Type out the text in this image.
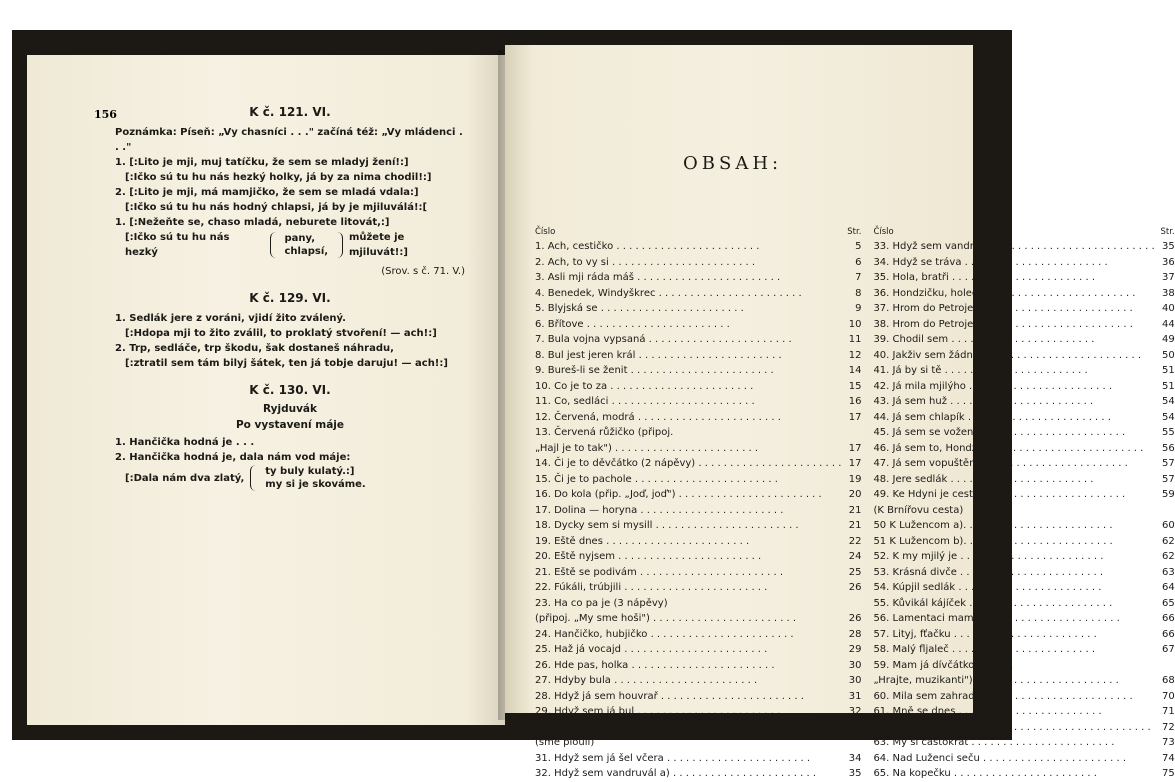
K č. 121. VI.

Poznámka: Píseň: „Vy chasníci . . ." začíná též: „Vy mládenci . . ."

1. [:Lito je mji, muj tatíčku, že sem se mladyj žení!:]

[:Ičko sú tu hu nás hezký holky, já by za nima chodil!:]

2. [:Lito je mji, má mamjičko, že sem se mladá vdala:]

[:Ičko sú tu hu nás hodný chlapsi, já by je mjiluválá!:[

1. [:Nežeňte se, chaso mladá, neburete litovát,:]

[:Ičko sú tu hu nás hezký
pany,
chlapsí,
můžete je mjiluvát!:]

(Srov. s č. 71. V.)

K č. 129. VI.

1. Sedlák jere z voráni, vjidí žito zválený.

[:Hdopa mji to žito zválil, to proklatý stvoření! — ach!:]

2. Trp, sedláče, trp škodu, šak dostaneš náhradu,

[:ztratil sem tám bilyj šátek, ten já tobje daruju! — ach!:]

K č. 130. VI.

Ryjduvák

Po vystavení máje

1. Hančička hodná je . . .

2. Hančička hodná je, dala nám vod máje:

[:Dala nám dva zlatý,
ty buly kulatý.:]
my si je skováme.
156

OBSAH:

Číslo	Str.
1. Ach, cestičko . . .	5
2. Ach, to vy si . . .	6
3. Asli mji ráda máš . . .	7
4. Benedek, Windyškrec . . .	8
5. Blyjská se . . .	9
6. Břítove . . .	10
7. Bula vojna vypsaná . . .	11
8. Bul jest jeren král . . .	12
9. Bureš-li se ženit . . .	14
10. Co je to za . . .	15
11. Co, sedláci . . .	16
12. Červená, modrá . . .	17
13. Červená růžičko (připoj.
„Hajl je to tak") . . .	17
14. Či je to děvčátko (2 nápěvy) . . .	17
15. Či je to pachole . . .	19
16. Do kola (přip. „Joď, joď") . . .	20
17. Dolina — horyna . . .	21
18. Dycky sem si mysill . . .	21
19. Eště dnes . . .	22
20. Eště nyjsem . . .	24
21. Eště se podivám . . .	25
22. Fúkáli, trúbjili . . .	26
23. Ha co pa je (3 nápěvy)
(připoj. „My sme hoši") . . .	26
24. Hančičko, hubjičko . . .	28
25. Haž já vocajd . . .	29
26. Hde pas, holka . . .	30
27. Hdyby bula . . .	30
28. Hdyž já sem houvrař . . .	31
29. Hdyž sem já bul . . .	32
30. Hdyž sem já šel . . .	33
(sme plouli)
31. Hdyž sem já šel včera . . .	34
32. Hdyž sem vandruvál a) . . .	35
Číslo	Str.
33. Hdyž sem vandruvál b) . . .	35
34. Hdyž se tráva . . .	36
35. Hola, bratři . . .	37
36. Hondzičku, holečku . . .	38
37. Hrom do Petroje a) . . .	40
38. Hrom do Petroje b) . . .	44
39. Chodil sem . . .	49
40. Jakživ sem žádnýmu . . .	50
41. Já by si tě . . .	51
42. Já mila mjilýho . . .	51
43. Já sem huž . . .	54
44. Já sem chlapík . . .	54
45. Já sem se voženil . . .	55
46. Já sem to, Hondzičku . . .	56
47. Já sem vopuštěná . . .	57
48. Jere sedlák . . .	57
49. Ke Hdyni je cesta . . .	59
(K Brnířovu cesta)
50 K Lužencom a). . . .	60
51 K Lužencom b). . . .	62
52. K my mjilý je . . .	62
53. Krásná divče . . .	63
54. Kúpjil sedlák . . .	64
55. Kůvikál kájíček . . .	65
56. Lamentaci mam . . .	66
57. Lityj, fťačku . . .	66
58. Malý fljaleč . . .	67
59. Mam já dívčátko (připoj.
„Hrajte, muzikanti") . . .	68
60. Mila sem zahradku . . .	70
61. Mně se dnes . . .	71
62. Modrý voči (2 nápěvy) . . .	72
63. My si častokrat . . .	73
64. Nad Luženci seču . . .	74
65. Na kopečku . . .	75
